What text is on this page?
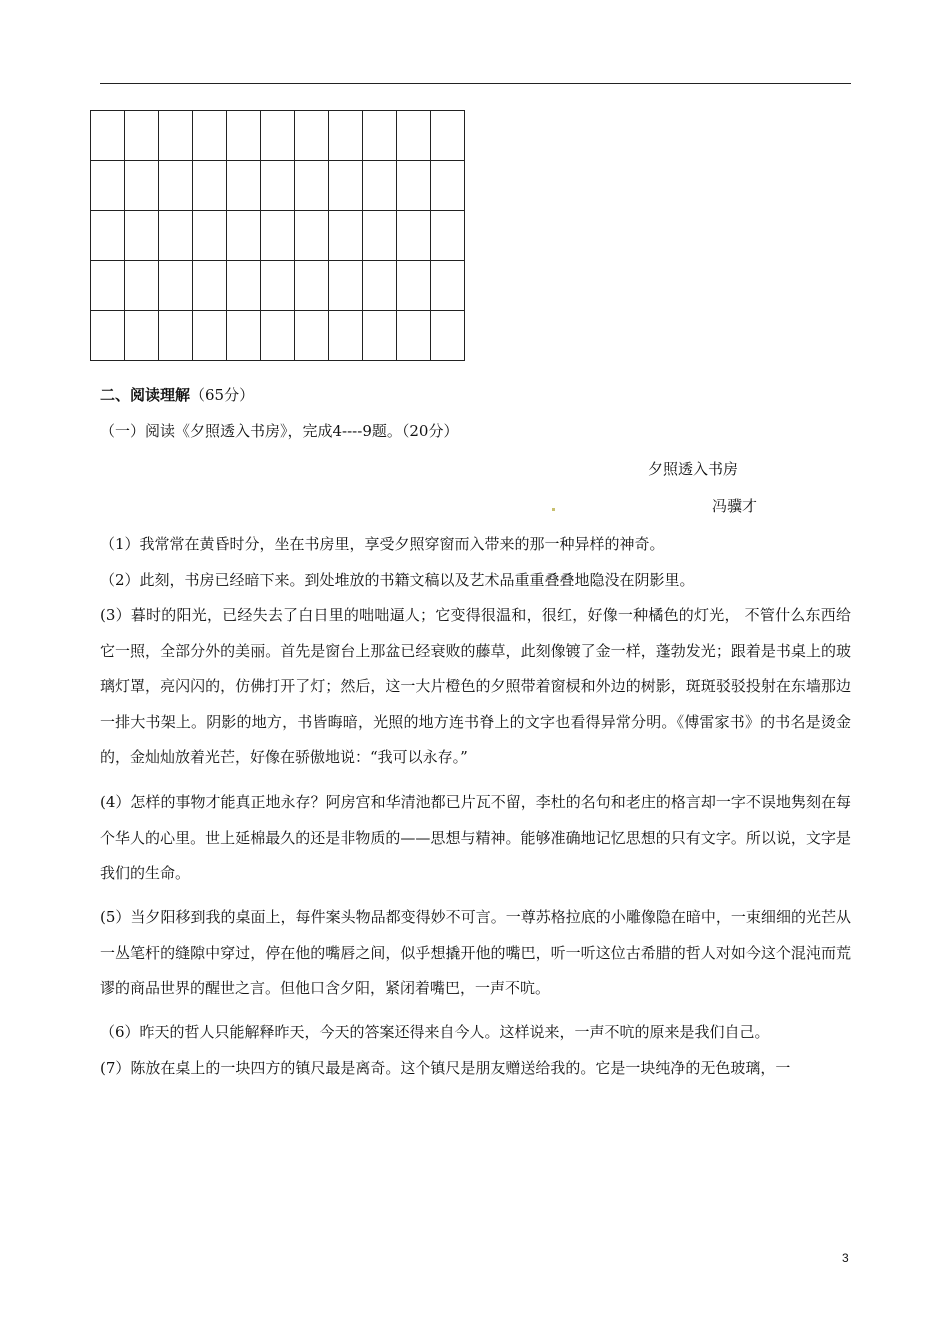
二、阅读理解（65分）
（一）阅读《夕照透入书房》，完成4----9题。（20分）
夕照透入书房
冯骥才
（1）我常常在黄昏时分，坐在书房里，享受夕照穿窗而入带来的那一种异样的神奇。
（2）此刻，书房已经暗下来。到处堆放的书籍文稿以及艺术品重重叠叠地隐没在阴影里。
(3）暮时的阳光，已经失去了白日里的咄咄逼人；它变得很温和，很红，好像一种橘色的灯光， 不管什么东西给它一照，全部分外的美丽。首先是窗台上那盆已经衰败的藤草，此刻像镀了金一样，蓬勃发光；跟着是书桌上的玻璃灯罩，亮闪闪的，仿佛打开了灯；然后，这一大片橙色的夕照带着窗棂和外边的树影，斑斑驳驳投射在东墙那边一排大书架上。阴影的地方，书皆晦暗，光照的地方连书脊上的文字也看得异常分明。《傅雷家书》的书名是烫金的，金灿灿放着光芒，好像在骄傲地说：“我可以永存。”
(4）怎样的事物才能真正地永存？阿房宫和华清池都已片瓦不留，李杜的名句和老庄的格言却一字不误地隽刻在每个华人的心里。世上延棉最久的还是非物质的——思想与精神。能够准确地记忆思想的只有文字。所以说，文字是我们的生命。
(5）当夕阳移到我的桌面上，每件案头物品都变得妙不可言。一尊苏格拉底的小雕像隐在暗中，一束细细的光芒从一丛笔杆的缝隙中穿过，停在他的嘴唇之间，似乎想撬开他的嘴巴，听一听这位古希腊的哲人对如今这个混沌而荒谬的商品世界的醒世之言。但他口含夕阳，紧闭着嘴巴，一声不吭。
（6）昨天的哲人只能解释昨天，今天的答案还得来自今人。这样说来，一声不吭的原来是我们自己。
(7）陈放在桌上的一块四方的镇尺最是离奇。这个镇尺是朋友赠送给我的。它是一块纯净的无色玻璃，一
3
